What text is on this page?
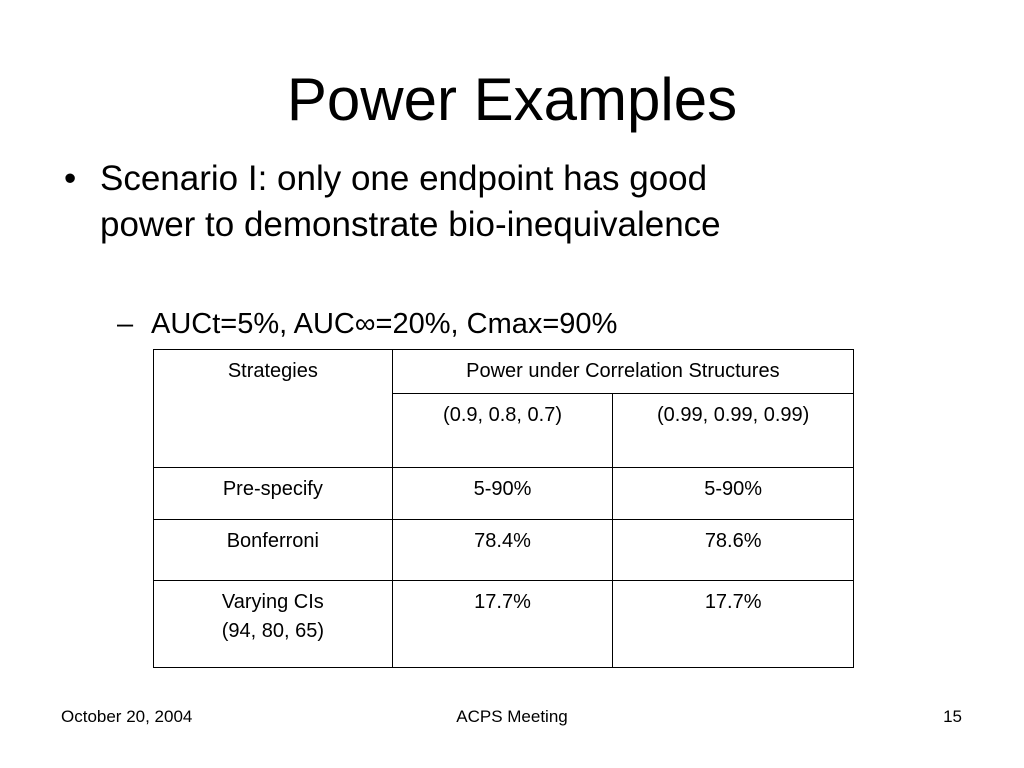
Power Examples
• Scenario I: only one endpoint has good power to demonstrate bio-inequivalence
– AUCt=5%, AUC∞=20%, Cmax=90%
Strategies	Power under Correlation Structures	
	(0.9, 0.8, 0.7)	(0.99, 0.99, 0.99)

Pre-specify	5-90%	5-90%

Bonferroni	78.4%	78.6%

Varying CIs
(94, 80, 65)	17.7%	17.7%
October 20, 2004	ACPS Meeting	15
